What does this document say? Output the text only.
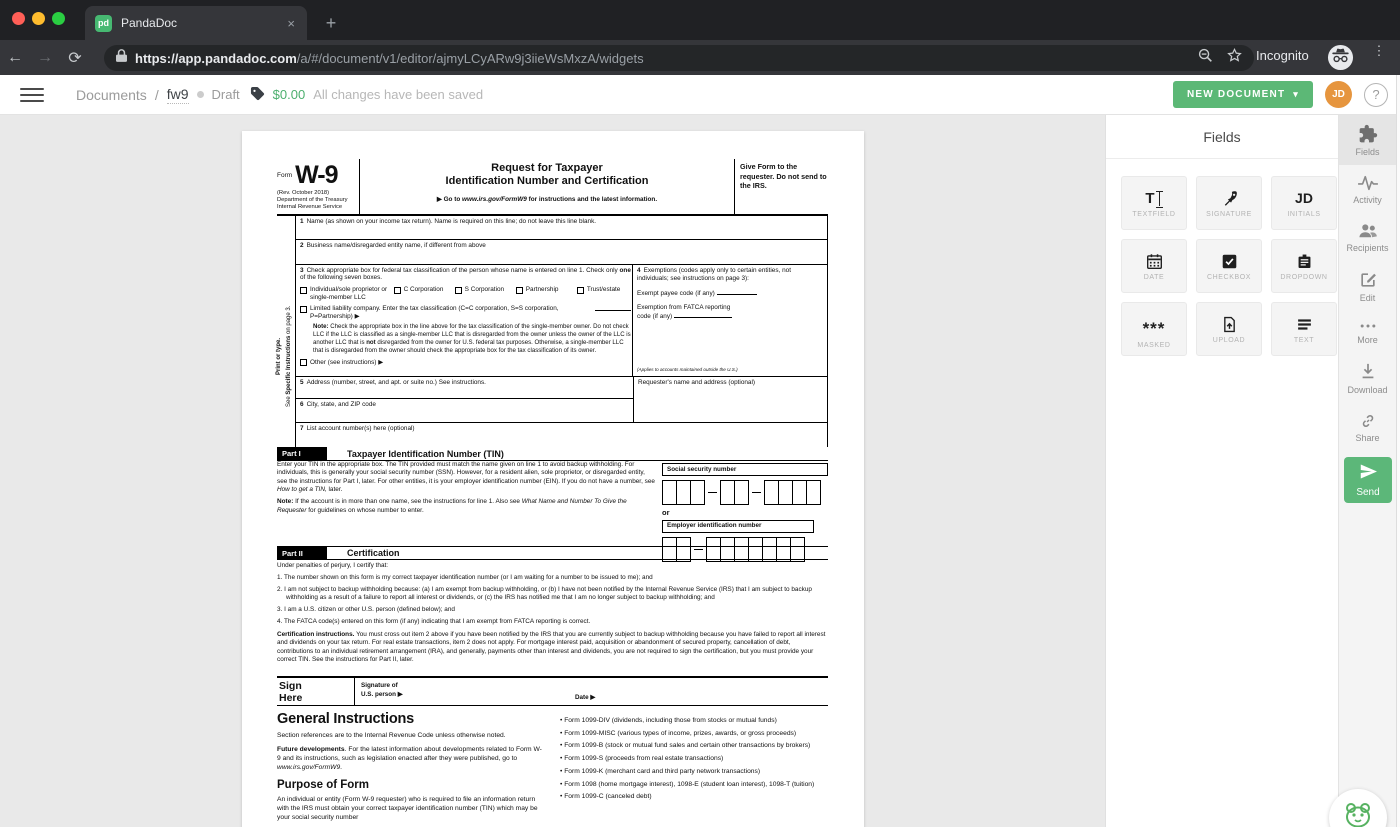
pd PandaDoc	×	+
← → ⟳	https://app.pandadoc.com/a/#/document/v1/editor/ajmyLCyARw9j3iieWsMxzA/widgets	Incognito	⋮
Documents / fw9 Draft	$0.00 All changes have been saved	NEW DOCUMENT ▾	JD	?
Form W-9
(Rev. October 2018)
Department of the Treasury
Internal Revenue Service
Request for Taxpayer
Identification Number and Certification
▶ Go to www.irs.gov/FormW9 for instructions and the latest information.
Give Form to the requester. Do not send to the IRS.
Print or type.
See Specific Instructions on page 3.
1 Name (as shown on your income tax return). Name is required on this line; do not leave this line blank.
2 Business name/disregarded entity name, if different from above
3 Check appropriate box for federal tax classification of the person whose name is entered on line 1. Check only one of the following seven boxes.
Individual/sole proprietor or single-member LLC
C Corporation	S Corporation	Partnership	Trust/estate
Limited liability company. Enter the tax classification (C=C corporation, S=S corporation, P=Partnership) ▶
Note: Check the appropriate box in the line above for the tax classification of the single-member owner. Do not check LLC if the LLC is classified as a single-member LLC that is disregarded from the owner unless the owner of the LLC is another LLC that is not disregarded from the owner for U.S. federal tax purposes. Otherwise, a single-member LLC that is disregarded from the owner should check the appropriate box for the tax classification of its owner.
Other (see instructions) ▶
4 Exemptions (codes apply only to certain entities, not individuals; see instructions on page 3):
Exempt payee code (if any)
Exemption from FATCA reporting
code (if any)
(Applies to accounts maintained outside the U.S.)
5 Address (number, street, and apt. or suite no.) See instructions.
6 City, state, and ZIP code
Requester's name and address (optional)
7 List account number(s) here (optional)
Part I	Taxpayer Identification Number (TIN)
Enter your TIN in the appropriate box. The TIN provided must match the name given on line 1 to avoid backup withholding. For individuals, this is generally your social security number (SSN). However, for a resident alien, sole proprietor, or disregarded entity, see the instructions for Part I, later. For other entities, it is your employer identification number (EIN). If you do not have a number, see How to get a TIN, later.
Note: If the account is in more than one name, see the instructions for line 1. Also see What Name and Number To Give the Requester for guidelines on whose number to enter.
Social security number
or
Employer identification number
Part II	Certification
Under penalties of perjury, I certify that:
1. The number shown on this form is my correct taxpayer identification number (or I am waiting for a number to be issued to me); and
2. I am not subject to backup withholding because: (a) I am exempt from backup withholding, or (b) I have not been notified by the Internal Revenue Service (IRS) that I am subject to backup withholding as a result of a failure to report all interest or dividends, or (c) the IRS has notified me that I am no longer subject to backup withholding; and
3. I am a U.S. citizen or other U.S. person (defined below); and
4. The FATCA code(s) entered on this form (if any) indicating that I am exempt from FATCA reporting is correct.
Certification instructions. You must cross out item 2 above if you have been notified by the IRS that you are currently subject to backup withholding because you have failed to report all interest and dividends on your tax return. For real estate transactions, item 2 does not apply. For mortgage interest paid, acquisition or abandonment of secured property, cancellation of debt, contributions to an individual retirement arrangement (IRA), and generally, payments other than interest and dividends, you are not required to sign the certification, but you must provide your correct TIN. See the instructions for Part II, later.
Sign
Here
Signature of
U.S. person ▶	Date ▶
General Instructions
Section references are to the Internal Revenue Code unless otherwise noted.
Future developments. For the latest information about developments related to Form W-9 and its instructions, such as legislation enacted after they were published, go to www.irs.gov/FormW9.
Purpose of Form
An individual or entity (Form W-9 requester) who is required to file an information return with the IRS must obtain your correct taxpayer identification number (TIN) which may be your social security number
• Form 1099-DIV (dividends, including those from stocks or mutual funds)
• Form 1099-MISC (various types of income, prizes, awards, or gross proceeds)
• Form 1099-B (stock or mutual fund sales and certain other transactions by brokers)
• Form 1099-S (proceeds from real estate transactions)
• Form 1099-K (merchant card and third party network transactions)
• Form 1098 (home mortgage interest), 1098-E (student loan interest), 1098-T (tuition)
• Form 1099-C (canceled debt)
Fields
T
TEXTFIELD	SIGNATURE
JD
INITIALS
DATE	CHECKBOX	DROPDOWN
***
MASKED
UPLOAD	TEXT
Fields
Activity
Recipients
Edit
More
Download
Share
Send
